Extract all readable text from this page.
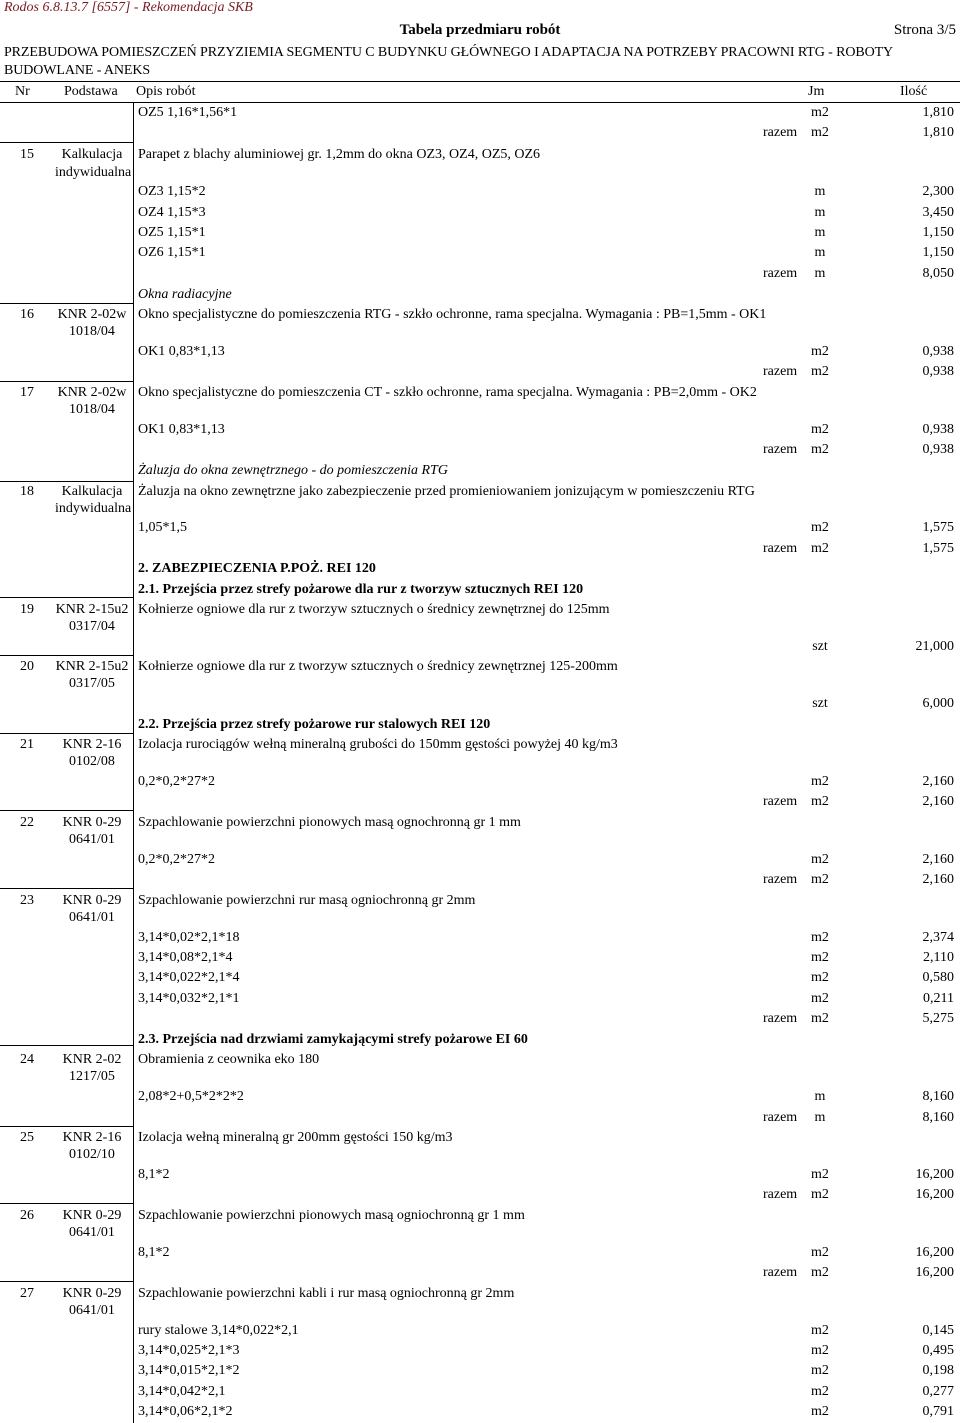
Rodos 6.8.13.7 [6557] - Rekomendacja SKB
Tabela przedmiaru robót	Strona 3/5
PRZEBUDOWA POMIESZCZEŃ PRZYZIEMIA SEGMENTU C BUDYNKU GŁÓWNEGO I ADAPTACJA NA POTRZEBY PRACOWNI RTG - ROBOTY
BUDOWLANE - ANEKS
Nr Podstawa Opis robót	Jm	Ilość
OZ5 1,16*1,56*1	m2	1,810
razem m2	1,810
15	Kalkulacja
indywidualna
Parapet z blachy aluminiowej gr. 1,2mm do okna OZ3, OZ4, OZ5, OZ6
OZ3 1,15*2	m	2,300
OZ4 1,15*3	m	3,450
OZ5 1,15*1	m	1,150
OZ6 1,15*1	m	1,150
razem	m	8,050
Okna radiacyjne
16 KNR 2-02w
1018/04
Okno specjalistyczne do pomieszczenia RTG - szkło ochronne, rama specjalna. Wymagania : PB=1,5mm - OK1
OK1 0,83*1,13	m2	0,938
razem m2	0,938
17 KNR 2-02w
1018/04
Okno specjalistyczne do pomieszczenia CT - szkło ochronne, rama specjalna. Wymagania : PB=2,0mm - OK2
OK1 0,83*1,13	m2	0,938
razem m2	0,938
Żaluzja do okna zewnętrznego - do pomieszczenia RTG
18	Kalkulacja
indywidualna
Żaluzja na okno zewnętrzne jako zabezpieczenie przed promieniowaniem jonizującym w pomieszczeniu RTG
1,05*1,5	m2	1,575
razem m2	1,575
2. ZABEZPIECZENIA P.POŻ. REI 120
2.1. Przejścia przez strefy pożarowe dla rur z tworzyw sztucznych REI 120
19 KNR 2-15u2
0317/04
Kołnierze ogniowe dla rur z tworzyw sztucznych o średnicy zewnętrznej do 125mm
szt	21,000
20 KNR 2-15u2
0317/05
Kołnierze ogniowe dla rur z tworzyw sztucznych o średnicy zewnętrznej 125-200mm
szt	6,000
2.2. Przejścia przez strefy pożarowe rur stalowych REI 120
21	KNR 2-16
0102/08
Izolacja rurociągów wełną mineralną grubości do 150mm gęstości powyżej 40 kg/m3
0,2*0,2*27*2	m2	2,160
razem m2	2,160
22	KNR 0-29
0641/01
Szpachlowanie powierzchni pionowych masą ognochronną gr 1 mm
0,2*0,2*27*2	m2	2,160
razem m2	2,160
23	KNR 0-29
0641/01
Szpachlowanie powierzchni rur masą ogniochronną gr 2mm
3,14*0,02*2,1*18	m2	2,374
3,14*0,08*2,1*4	m2	2,110
3,14*0,022*2,1*4	m2	0,580
3,14*0,032*2,1*1	m2	0,211
razem m2	5,275
2.3. Przejścia nad drzwiami zamykającymi strefy pożarowe EI 60
24	KNR 2-02
1217/05
Obramienia z ceownika eko 180
2,08*2+0,5*2*2*2	m	8,160
razem	m	8,160
25	KNR 2-16
0102/10
Izolacja wełną mineralną gr 200mm gęstości 150 kg/m3
8,1*2	m2	16,200
razem m2	16,200
26	KNR 0-29
0641/01
Szpachlowanie powierzchni pionowych masą ogniochronną gr 1 mm
8,1*2	m2	16,200
razem m2	16,200
27	KNR 0-29
0641/01
Szpachlowanie powierzchni kabli i rur masą ogniochronną gr 2mm
rury stalowe 3,14*0,022*2,1	m2	0,145
3,14*0,025*2,1*3	m2	0,495
3,14*0,015*2,1*2	m2	0,198
3,14*0,042*2,1	m2	0,277
3,14*0,06*2,1*2	m2	0,791
